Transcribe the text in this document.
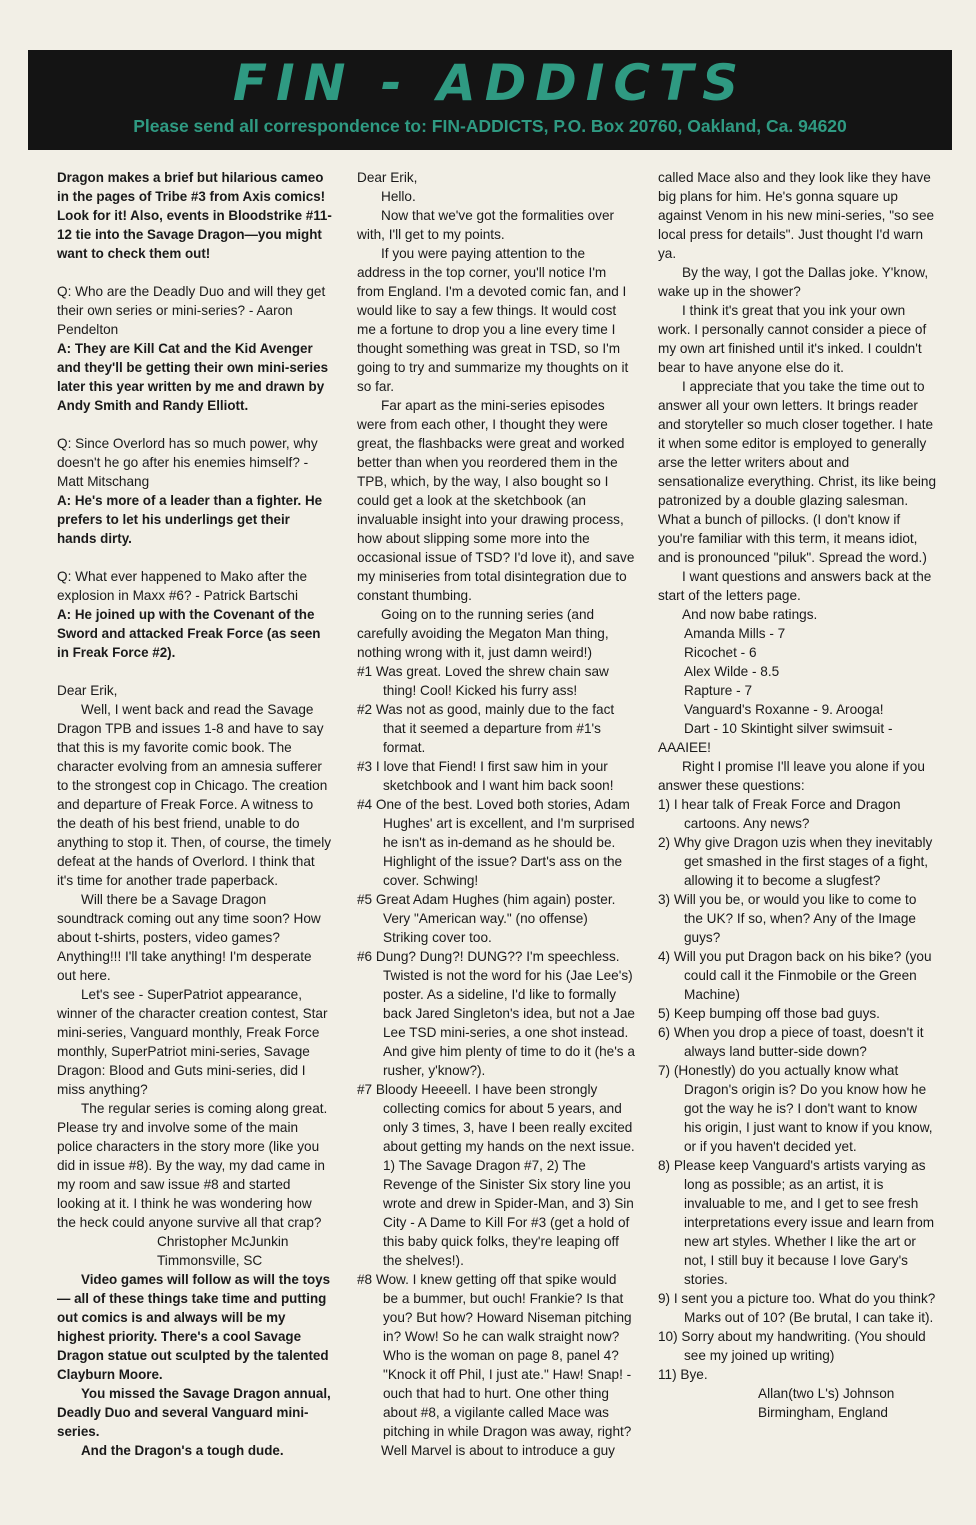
FIN - ADDICTS
Please send all correspondence to: FIN-ADDICTS, P.O. Box 20760, Oakland, Ca. 94620

Dragon makes a brief but hilarious cameo in the pages of Tribe #3 from Axis comics! Look for it! Also, events in Bloodstrike #11-12 tie into the Savage Dragon—you might want to check them out!

Q: Who are the Deadly Duo and will they get their own series or mini-series? - Aaron Pendelton

A: They are Kill Cat and the Kid Avenger and they'll be getting their own mini-series later this year written by me and drawn by Andy Smith and Randy Elliott.

Q: Since Overlord has so much power, why doesn't he go after his enemies himself? - Matt Mitschang

A: He's more of a leader than a fighter. He prefers to let his underlings get their hands dirty.

Q: What ever happened to Mako after the explosion in Maxx #6? - Patrick Bartschi

A: He joined up with the Covenant of the Sword and attacked Freak Force (as seen in Freak Force #2).

Dear Erik,

Well, I went back and read the Savage Dragon TPB and issues 1-8 and have to say that this is my favorite comic book. The character evolving from an amnesia sufferer to the strongest cop in Chicago. The creation and departure of Freak Force. A witness to the death of his best friend, unable to do anything to stop it. Then, of course, the timely defeat at the hands of Overlord. I think that it's time for another trade paperback.

Will there be a Savage Dragon soundtrack coming out any time soon? How about t-shirts, posters, video games? Anything!!! I'll take anything! I'm desperate out here.

Let's see - SuperPatriot appearance, winner of the character creation contest, Star mini-series, Vanguard monthly, Freak Force monthly, SuperPatriot mini-series, Savage Dragon: Blood and Guts mini-series, did I miss anything?

The regular series is coming along great. Please try and involve some of the main police characters in the story more (like you did in issue #8). By the way, my dad came in my room and saw issue #8 and started looking at it. I think he was wondering how the heck could anyone survive all that crap?

Christopher McJunkin

Timmonsville, SC

Video games will follow as will the toys— all of these things take time and putting out comics is and always will be my highest priority. There's a cool Savage Dragon statue out sculpted by the talented Clayburn Moore.

You missed the Savage Dragon annual, Deadly Duo and several Vanguard mini-series.

And the Dragon's a tough dude.

Dear Erik,

Hello.

Now that we've got the formalities over with, I'll get to my points.

If you were paying attention to the address in the top corner, you'll notice I'm from England. I'm a devoted comic fan, and I would like to say a few things. It would cost me a fortune to drop you a line every time I thought something was great in TSD, so I'm going to try and summarize my thoughts on it so far.

Far apart as the mini-series episodes were from each other, I thought they were great, the flashbacks were great and worked better than when you reordered them in the TPB, which, by the way, I also bought so I could get a look at the sketchbook (an invaluable insight into your drawing process, how about slipping some more into the occasional issue of TSD? I'd love it), and save my miniseries from total disintegration due to constant thumbing.

Going on to the running series (and carefully avoiding the Megaton Man thing, nothing wrong with it, just damn weird!)

#1 Was great. Loved the shrew chain saw thing! Cool! Kicked his furry ass!

#2 Was not as good, mainly due to the fact that it seemed a departure from #1's format.

#3 I love that Fiend! I first saw him in your sketchbook and I want him back soon!

#4 One of the best. Loved both stories, Adam Hughes' art is excellent, and I'm surprised he isn't as in-demand as he should be. Highlight of the issue? Dart's ass on the cover. Schwing!

#5 Great Adam Hughes (him again) poster. Very "American way." (no offense) Striking cover too.

#6 Dung? Dung?! DUNG?? I'm speechless. Twisted is not the word for his (Jae Lee's) poster. As a sideline, I'd like to formally back Jared Singleton's idea, but not a Jae Lee TSD mini-series, a one shot instead. And give him plenty of time to do it (he's a rusher, y'know?).

#7 Bloody Heeeell. I have been strongly collecting comics for about 5 years, and only 3 times, 3, have I been really excited about getting my hands on the next issue. 1) The Savage Dragon #7, 2) The Revenge of the Sinister Six story line you wrote and drew in Spider-Man, and 3) Sin City - A Dame to Kill For #3 (get a hold of this baby quick folks, they're leaping off the shelves!).

#8 Wow. I knew getting off that spike would be a bummer, but ouch! Frankie? Is that you? But how? Howard Niseman pitching in? Wow! So he can walk straight now? Who is the woman on page 8, panel 4? "Knock it off Phil, I just ate." Haw! Snap! - ouch that had to hurt. One other thing about #8, a vigilante called Mace was pitching in while Dragon was away, right?

Well Marvel is about to introduce a guy

called Mace also and they look like they have big plans for him. He's gonna square up against Venom in his new mini-series, "so see local press for details". Just thought I'd warn ya.

By the way, I got the Dallas joke. Y'know, wake up in the shower?

I think it's great that you ink your own work. I personally cannot consider a piece of my own art finished until it's inked. I couldn't bear to have anyone else do it.

I appreciate that you take the time out to answer all your own letters. It brings reader and storyteller so much closer together. I hate it when some editor is employed to generally arse the letter writers about and sensationalize everything. Christ, its like being patronized by a double glazing salesman. What a bunch of pillocks. (I don't know if you're familiar with this term, it means idiot, and is pronounced "piluk". Spread the word.)

I want questions and answers back at the start of the letters page.

And now babe ratings.

Amanda Mills - 7

Ricochet - 6

Alex Wilde - 8.5

Rapture - 7

Vanguard's Roxanne - 9. Arooga!

Dart - 10 Skintight silver swimsuit -

AAAIEE!

Right I promise I'll leave you alone if you answer these questions:

1) I hear talk of Freak Force and Dragon cartoons. Any news?

2) Why give Dragon uzis when they inevitably get smashed in the first stages of a fight, allowing it to become a slugfest?

3) Will you be, or would you like to come to the UK? If so, when? Any of the Image guys?

4) Will you put Dragon back on his bike? (you could call it the Finmobile or the Green Machine)

5) Keep bumping off those bad guys.

6) When you drop a piece of toast, doesn't it always land butter-side down?

7) (Honestly) do you actually know what Dragon's origin is? Do you know how he got the way he is? I don't want to know his origin, I just want to know if you know, or if you haven't decided yet.

8) Please keep Vanguard's artists varying as long as possible; as an artist, it is invaluable to me, and I get to see fresh interpretations every issue and learn from new art styles. Whether I like the art or not, I still buy it because I love Gary's stories.

9) I sent you a picture too. What do you think? Marks out of 10? (Be brutal, I can take it).

10) Sorry about my handwriting. (You should see my joined up writing)

11) Bye.

Allan(two L's) Johnson

Birmingham, England
